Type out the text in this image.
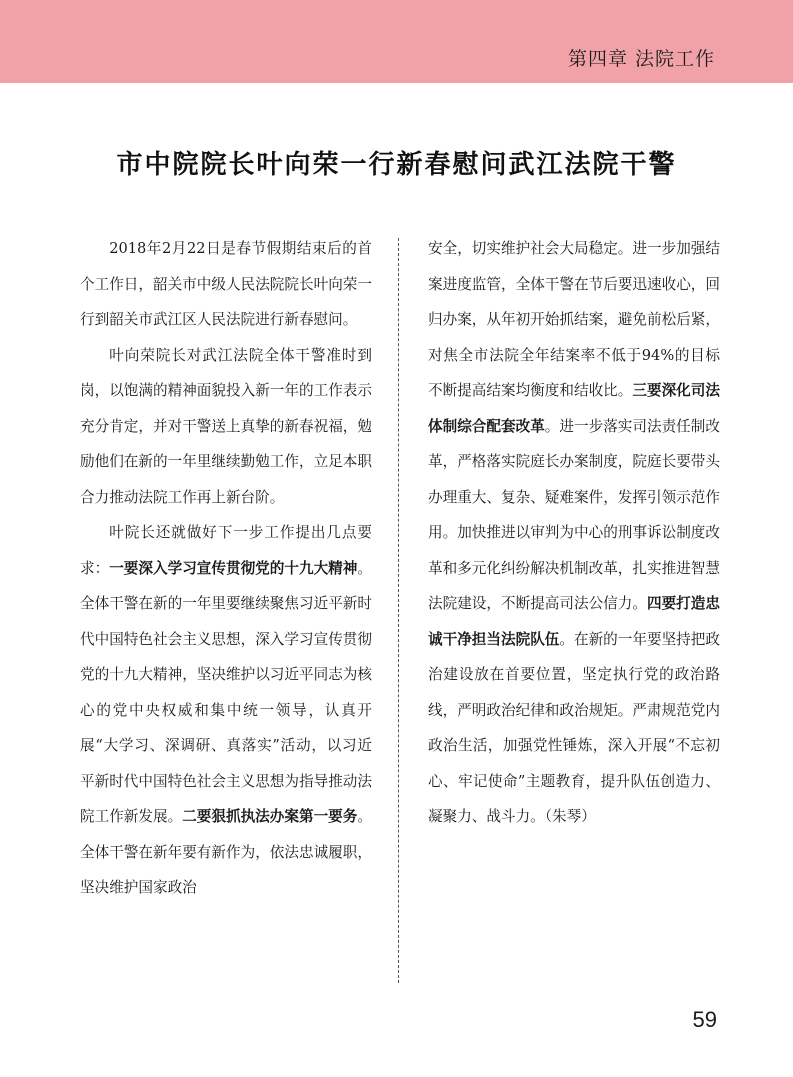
第四章 法院工作
市中院院长叶向荣一行新春慰问武江法院干警

2018年2月22日是春节假期结束后的首个工作日，韶关市中级人民法院院长叶向荣一行到韶关市武江区人民法院进行新春慰问。

叶向荣院长对武江法院全体干警准时到岗，以饱满的精神面貌投入新一年的工作表示充分肯定，并对干警送上真挚的新春祝福，勉励他们在新的一年里继续勤勉工作，立足本职合力推动法院工作再上新台阶。

叶院长还就做好下一步工作提出几点要求：一要深入学习宣传贯彻党的十九大精神。全体干警在新的一年里要继续聚焦习近平新时代中国特色社会主义思想，深入学习宣传贯彻党的十九大精神，坚决维护以习近平同志为核心的党中央权威和集中统一领导，认真开展“大学习、深调研、真落实”活动，以习近平新时代中国特色社会主义思想为指导推动法院工作新发展。二要狠抓执法办案第一要务。全体干警在新年要有新作为，依法忠诚履职，坚决维护国家政治

安全，切实维护社会大局稳定。进一步加强结案进度监管，全体干警在节后要迅速收心，回归办案，从年初开始抓结案，避免前松后紧，对焦全市法院全年结案率不低于94%的目标不断提高结案均衡度和结收比。三要深化司法体制综合配套改革。进一步落实司法责任制改革，严格落实院庭长办案制度，院庭长要带头办理重大、复杂、疑难案件，发挥引领示范作用。加快推进以审判为中心的刑事诉讼制度改革和多元化纠纷解决机制改革，扎实推进智慧法院建设，不断提高司法公信力。四要打造忠诚干净担当法院队伍。在新的一年要坚持把政治建设放在首要位置，坚定执行党的政治路线，严明政治纪律和政治规矩。严肃规范党内政治生活，加强党性锤炼，深入开展“不忘初心、牢记使命”主题教育，提升队伍创造力、凝聚力、战斗力。（朱琴）

59
